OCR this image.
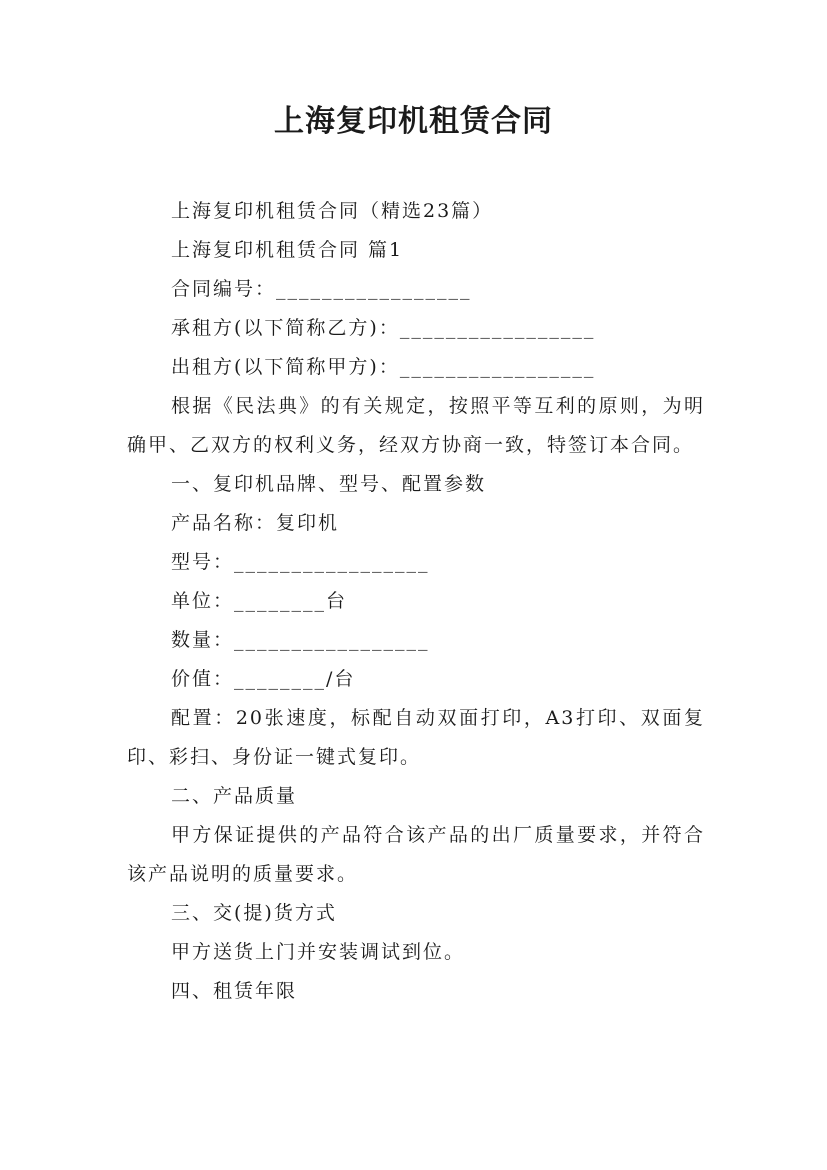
上海复印机租赁合同

上海复印机租赁合同（精选23篇）

上海复印机租赁合同 篇1

合同编号：_________________

承租方(以下简称乙方)：_________________

出租方(以下简称甲方)：_________________

根据《民法典》的有关规定，按照平等互利的原则，为明确甲、乙双方的权利义务，经双方协商一致，特签订本合同。

一、复印机品牌、型号、配置参数

产品名称：复印机

型号：_________________

单位：________台

数量：_________________

价值：________/台

配置：20张速度，标配自动双面打印，A3打印、双面复印、彩扫、身份证一键式复印。

二、产品质量

甲方保证提供的产品符合该产品的出厂质量要求，并符合该产品说明的质量要求。

三、交(提)货方式

甲方送货上门并安装调试到位。

四、租赁年限
